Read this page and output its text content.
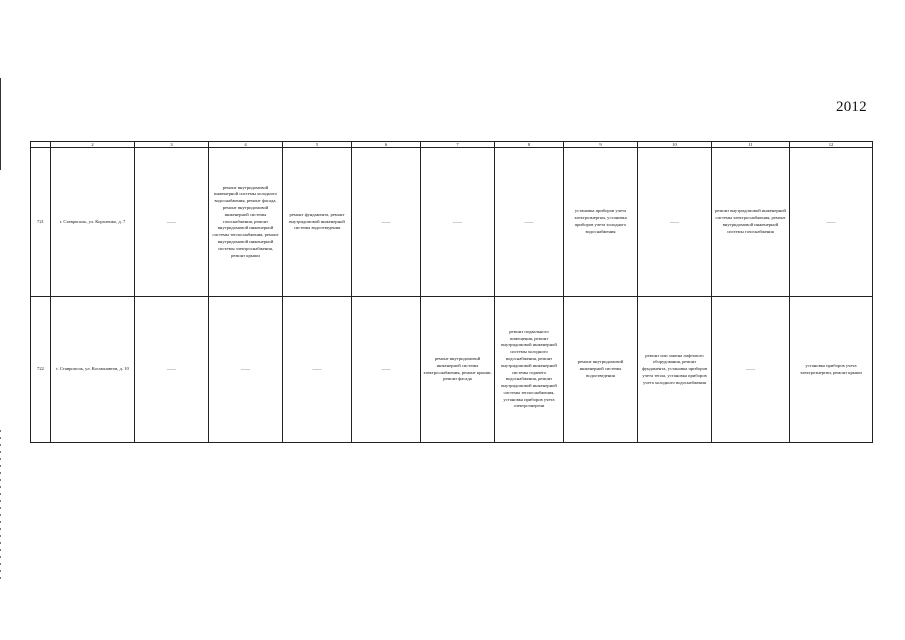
2012
	2	3	4	5	6	7	8	9	10	11	12
721	г. Ставрополь, ул. Короленко, д. 7	——	ремонт внутридомовой инженерной системы холодного водоснабжения, ремонт фасада, ремонт внутридомовой инженерной системы газоснабжения, ремонт внутридомовой инженерной системы теплоснабжения, ремонт внутридомовой инженерной системы электроснабжения, ремонт крыши	ремонт фундамента, ремонт внутридомовой инженерной системы водоотведения	——	——	——	установка приборов учета электроэнергии, установка приборов учета холодного водоснабжения	——	ремонт внутридомовой инженерной системы электроснабжения, ремонт внутридомовой инженерной системы газоснабжения	——
722	г. Ставрополь, ул. Космонавтов, д. 10	——	——	——	——	ремонт внутридомовой инженерной системы электроснабжения, ремонт крыши, ремонт фасада	ремонт подвального помещения, ремонт внутридомовой инженерной системы холодного водоснабжения, ремонт внутридомовой инженерной системы горячего водоснабжения, ремонт внутридомовой инженерной системы теплоснабжения, установка приборов учета электроэнергии	ремонт внутридомовой инженерной системы водоотведения	ремонт или замена лифтового оборудования, ремонт фундамента, установка приборов учета тепла, установка приборов учета холодного водоснабжения	——	установка приборов учета электроэнергии, ремонт крыши
